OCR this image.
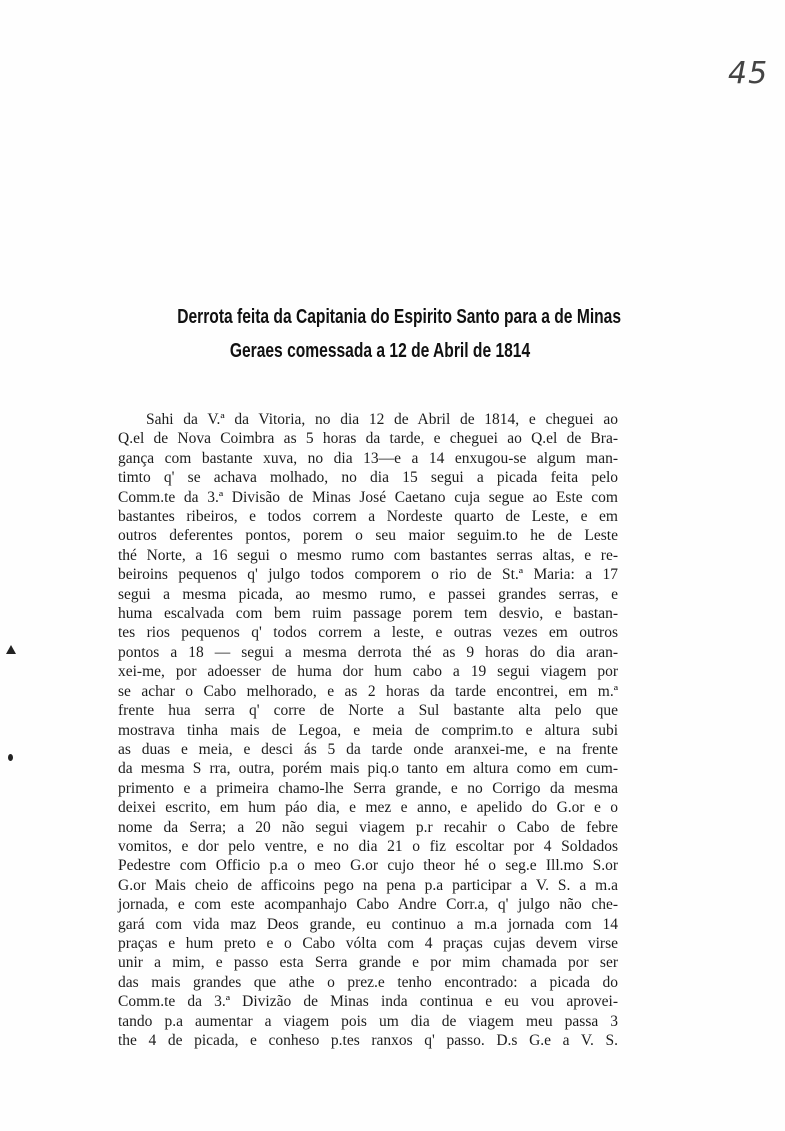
45
Derrota feita da Capitania do Espirito Santo para a de Minas
Geraes comessada a 12 de Abril de 1814
Sahi da V.ª da Vitoria, no dia 12 de Abril de 1814, e cheguei ao
Q.el de Nova Coimbra as 5 horas da tarde, e cheguei ao Q.el de Bra-
gança com bastante xuva, no dia 13—e a 14 enxugou-se algum man-
timto q' se achava molhado, no dia 15 segui a picada feita pelo
Comm.te da 3.ª Divisão de Minas José Caetano cuja segue ao Este com
bastantes ribeiros, e todos correm a Nordeste quarto de Leste, e em
outros deferentes pontos, porem o seu maior seguim.to he de Leste
thé Norte, a 16 segui o mesmo rumo com bastantes serras altas, e re-
beiroins pequenos q' julgo todos comporem o rio de St.ª Maria: a 17
segui a mesma picada, ao mesmo rumo, e passei grandes serras, e
huma escalvada com bem ruim passage porem tem desvio, e bastan-
tes rios pequenos q' todos correm a leste, e outras vezes em outros
pontos a 18 — segui a mesma derrota thé as 9 horas do dia aran-
xei-me, por adoesser de huma dor hum cabo a 19 segui viagem por
se achar o Cabo melhorado, e as 2 horas da tarde encontrei, em m.ª
frente hua serra q' corre de Norte a Sul bastante alta pelo que
mostrava tinha mais de Legoa, e meia de comprim.to e altura subi
as duas e meia, e desci ás 5 da tarde onde aranxei-me, e na frente
da mesma S rra, outra, porém mais piq.o tanto em altura como em cum-
primento e a primeira chamo-lhe Serra grande, e no Corrigo da mesma
deixei escrito, em hum páo dia, e mez e anno, e apelido do G.or e o
nome da Serra; a 20 não segui viagem p.r recahir o Cabo de febre
vomitos, e dor pelo ventre, e no dia 21 o fiz escoltar por 4 Soldados
Pedestre com Officio p.a o meo G.or cujo theor hé o seg.e Ill.mo S.or
G.or Mais cheio de afficoins pego na pena p.a participar a V. S. a m.a
jornada, e com este acompanhajo Cabo Andre Corr.a, q' julgo não che-
gará com vida maz Deos grande, eu continuo a m.a jornada com 14
praças e hum preto e o Cabo vólta com 4 praças cujas devem virse
unir a mim, e passo esta Serra grande e por mim chamada por ser
das mais grandes que athe o prez.e tenho encontrado: a picada do
Comm.te da 3.ª Divizão de Minas inda continua e eu vou aprovei-
tando p.a aumentar a viagem pois um dia de viagem meu passa 3
the 4 de picada, e conheso p.tes ranxos q' passo. D.s G.e a V. S.
